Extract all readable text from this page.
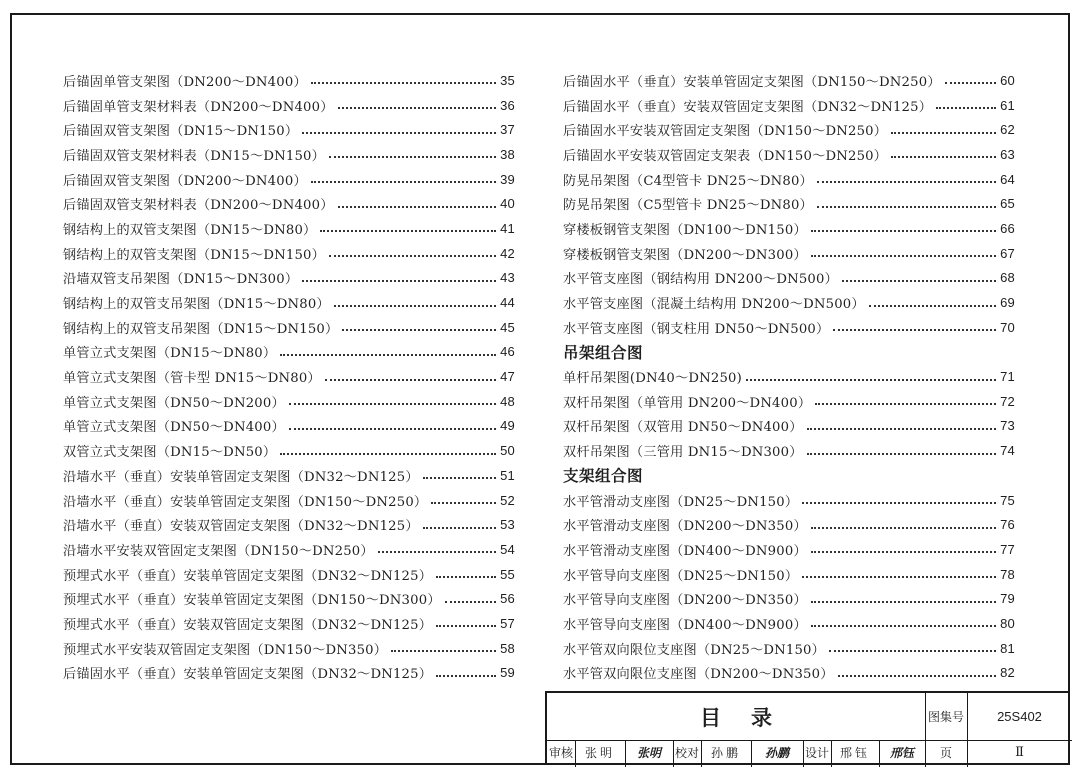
后锚固单管支架图（DN200～DN400）	35
后锚固单管支架材料表（DN200～DN400）	36
后锚固双管支架图（DN15～DN150）	37
后锚固双管支架材料表（DN15～DN150）	38
后锚固双管支架图（DN200～DN400）	39
后锚固双管支架材料表（DN200～DN400）	40
钢结构上的双管支架图（DN15～DN80）	41
钢结构上的双管支架图（DN15～DN150）	42
沿墙双管支吊架图（DN15～DN300）	43
钢结构上的双管支吊架图（DN15～DN80）	44
钢结构上的双管支吊架图（DN15～DN150）	45
单管立式支架图（DN15～DN80）	46
单管立式支架图（管卡型 DN15～DN80）	47
单管立式支架图（DN50～DN200）	48
单管立式支架图（DN50～DN400）	49
双管立式支架图（DN15～DN50）	50
沿墙水平（垂直）安装单管固定支架图（DN32～DN125）	51
沿墙水平（垂直）安装单管固定支架图（DN150～DN250）	52
沿墙水平（垂直）安装双管固定支架图（DN32～DN125）	53
沿墙水平安装双管固定支架图（DN150～DN250）	54
预埋式水平（垂直）安装单管固定支架图（DN32～DN125）	55
预埋式水平（垂直）安装单管固定支架图（DN150～DN300）	56
预埋式水平（垂直）安装双管固定支架图（DN32～DN125）	57
预埋式水平安装双管固定支架图（DN150～DN350）	58
后锚固水平（垂直）安装单管固定支架图（DN32～DN125）	59
后锚固水平（垂直）安装单管固定支架图（DN150～DN250）	60
后锚固水平（垂直）安装双管固定支架图（DN32～DN125）	61
后锚固水平安装双管固定支架图（DN150～DN250）	62
后锚固水平安装双管固定支架表（DN150～DN250）	63
防晃吊架图（C4型管卡 DN25～DN80）	64
防晃吊架图（C5型管卡 DN25～DN80）	65
穿楼板钢管支架图（DN100～DN150）	66
穿楼板钢管支架图（DN200～DN300）	67
水平管支座图（钢结构用 DN200～DN500）	68
水平管支座图（混凝土结构用 DN200～DN500）	69
水平管支座图（钢支柱用 DN50～DN500）	70
吊架组合图
单杆吊架图(DN40～DN250)	71
双杆吊架图（单管用 DN200～DN400）	72
双杆吊架图（双管用 DN50～DN400）	73
双杆吊架图（三管用 DN15～DN300）	74
支架组合图
水平管滑动支座图（DN25～DN150）	75
水平管滑动支座图（DN200～DN350）	76
水平管滑动支座图（DN400～DN900）	77
水平管导向支座图（DN25～DN150）	78
水平管导向支座图（DN200～DN350）	79
水平管导向支座图（DN400～DN900）	80
水平管双向限位支座图（DN25～DN150）	81
水平管双向限位支座图（DN200～DN350）	82
目录	图集号	25S402
审核 张明	张明	校对 孙鹏	孙鹏	设计 邢钰	邢钰	页	Ⅱ
